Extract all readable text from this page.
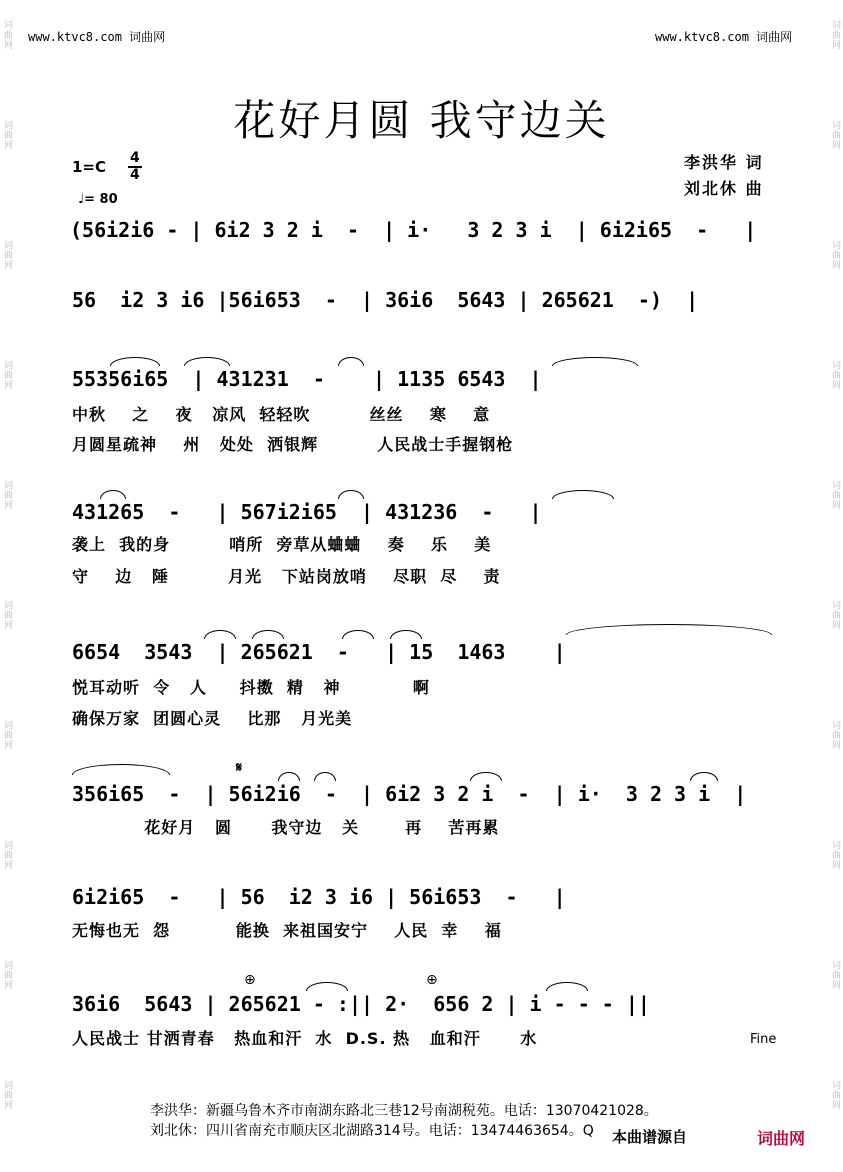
www.ktvc8.com 词曲网	www.ktvc8.com 词曲网
词曲网
词曲网
词曲网
词曲网
词曲网
词曲网
词曲网
词曲网
词曲网
词曲网
词曲网
词曲网
词曲网
词曲网
词曲网
词曲网
词曲网
词曲网
词曲网
词曲网
花好月圆 我守边关
1=C 4
4
♩= 80
李洪华 词
刘北休 曲
(56i2i6 - | 6i2 3 2 i  -  | i·   3 2 3 i  | 6i2i65  -   |
56  i2 3 i6 |56i653  -  | 36i6  5643 | 265621  -)  |
55356i65  | 431231  -    | 1135 6543  |
中秋    之    夜   凉风  轻轻吹         丝丝    寒    意
月圆星疏神    州   处处  洒银辉         人民战士手握钢枪
431265  -   | 567i2i65  | 431236  -   |
袭上  我的身         哨所  旁草从蛐蛐    奏    乐    美
守    边   陲         月光   下站岗放哨    尽职  尽    责
6654  3543  | 265621  -   | 15  1463    |
悦耳动听  令   人     抖擞  精   神           啊
确保万家  团圆心灵    比那   月光美
356i65  -  | 56i2i6  -  | 6i2 3 2 i  -  | i·  3 2 3 i  |
花好月   圆      我守边   关       再    苦再累
6i2i65  -   | 56  i2 3 i6 | 56i653  -   |
无悔也无  怨          能换  来祖国安宁    人民  幸    福
36i6  5643 | 265621 - :|| 2·  656 2 | i - - - ||
人民战士 甘洒青春   热血和汗  水  D.S. 热   血和汗      水
𝄋
⊕	⊕
Fine
李洪华：新疆乌鲁木齐市南湖东路北三巷12号南湖税苑。电话：13070421028。
刘北休：四川省南充市顺庆区北湖路314号。电话：13474463654。Q 本曲谱源自	词曲网
